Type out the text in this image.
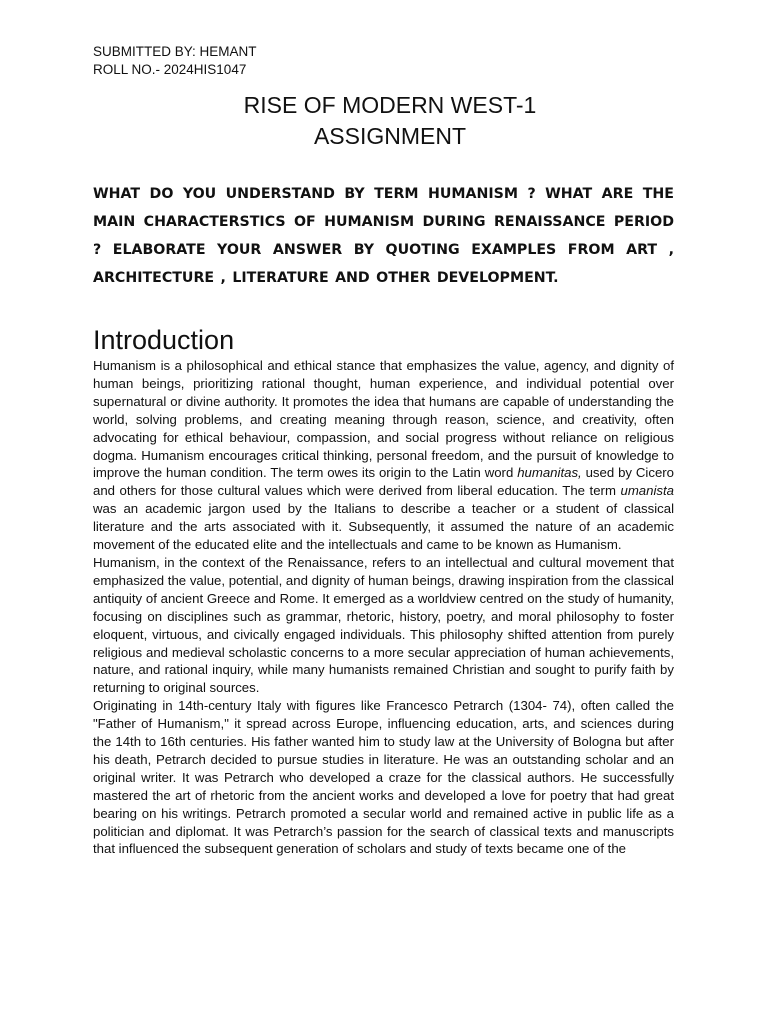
SUBMITTED BY: HEMANT
ROLL NO.- 2024HIS1047
RISE OF MODERN WEST-1
ASSIGNMENT
WHAT DO YOU UNDERSTAND BY TERM HUMANISM ? WHAT ARE THE
MAIN CHARACTERSTICS OF HUMANISM DURING RENAISSANCE PERIOD
? ELABORATE YOUR ANSWER BY QUOTING EXAMPLES FROM ART ,
ARCHITECTURE , LITERATURE AND OTHER DEVELOPMENT.
Introduction

Humanism is a philosophical and ethical stance that emphasizes the value, agency, and dignity of human beings, prioritizing rational thought, human experience, and individual potential over supernatural or divine authority. It promotes the idea that humans are capable of understanding the world, solving problems, and creating meaning through reason, science, and creativity, often advocating for ethical behaviour, compassion, and social progress without reliance on religious dogma. Humanism encourages critical thinking, personal freedom, and the pursuit of knowledge to improve the human condition. The term owes its origin to the Latin word humanitas, used by Cicero and others for those cultural values which were derived from liberal education. The term umanista was an academic jargon used by the Italians to describe a teacher or a student of classical literature and the arts associated with it. Subsequently, it assumed the nature of an academic movement of the educated elite and the intellectuals and came to be known as Humanism.

Humanism, in the context of the Renaissance, refers to an intellectual and cultural movement that emphasized the value, potential, and dignity of human beings, drawing inspiration from the classical antiquity of ancient Greece and Rome. It emerged as a worldview centred on the study of humanity, focusing on disciplines such as grammar, rhetoric, history, poetry, and moral philosophy to foster eloquent, virtuous, and civically engaged individuals. This philosophy shifted attention from purely religious and medieval scholastic concerns to a more secular appreciation of human achievements, nature, and rational inquiry, while many humanists remained Christian and sought to purify faith by returning to original sources.

Originating in 14th-century Italy with figures like Francesco Petrarch (1304- 74), often called the "Father of Humanism," it spread across Europe, influencing education, arts, and sciences during the 14th to 16th centuries. His father wanted him to study law at the University of Bologna but after his death, Petrarch decided to pursue studies in literature. He was an outstanding scholar and an original writer. It was Petrarch who developed a craze for the classical authors. He successfully mastered the art of rhetoric from the ancient works and developed a love for poetry that had great bearing on his writings. Petrarch promoted a secular world and remained active in public life as a politician and diplomat. It was Petrarch’s passion for the search of classical texts and manuscripts that influenced the subsequent generation of scholars and study of texts became one of the
